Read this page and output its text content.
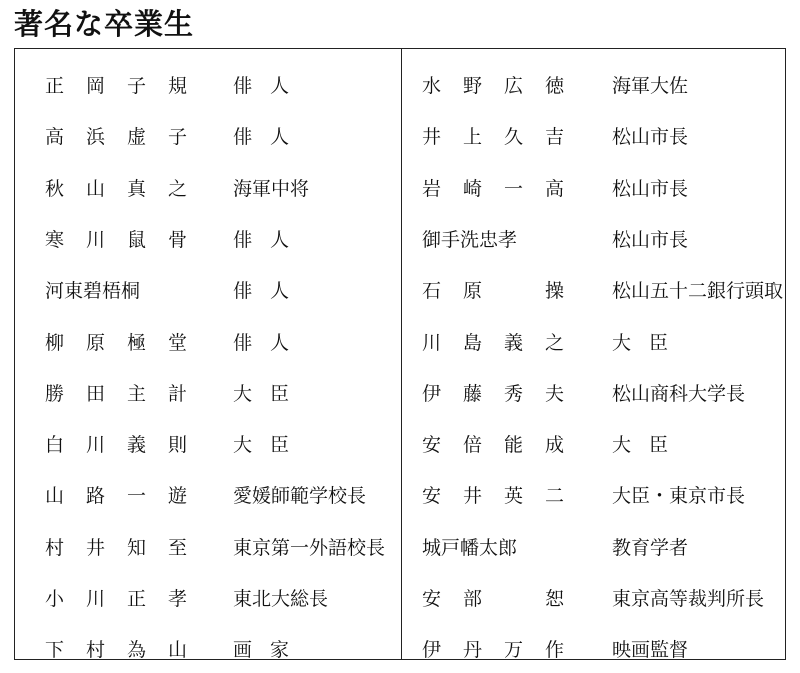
著名な卒業生
正岡子規 俳人
高浜虚子 俳人
秋山真之 海軍中将
寒川鼠骨 俳人
河東碧梧桐	俳人
柳原極堂 俳人
勝田主計 大臣
白川義則 大臣
山路一遊 愛媛師範学校長
村井知至 東京第一外語校長
小川正孝 東北大総長
下村為山 画家
水野広徳 海軍大佐
井上久吉 松山市長
岩崎一高 松山市長
御手洗忠孝	松山市長
石原 操 松山五十二銀行頭取
川島義之 大臣
伊藤秀夫 松山商科大学長
安倍能成 大臣
安井英二 大臣・東京市長
城戸幡太郎	教育学者
安部 恕 東京高等裁判所長
伊丹万作 映画監督
